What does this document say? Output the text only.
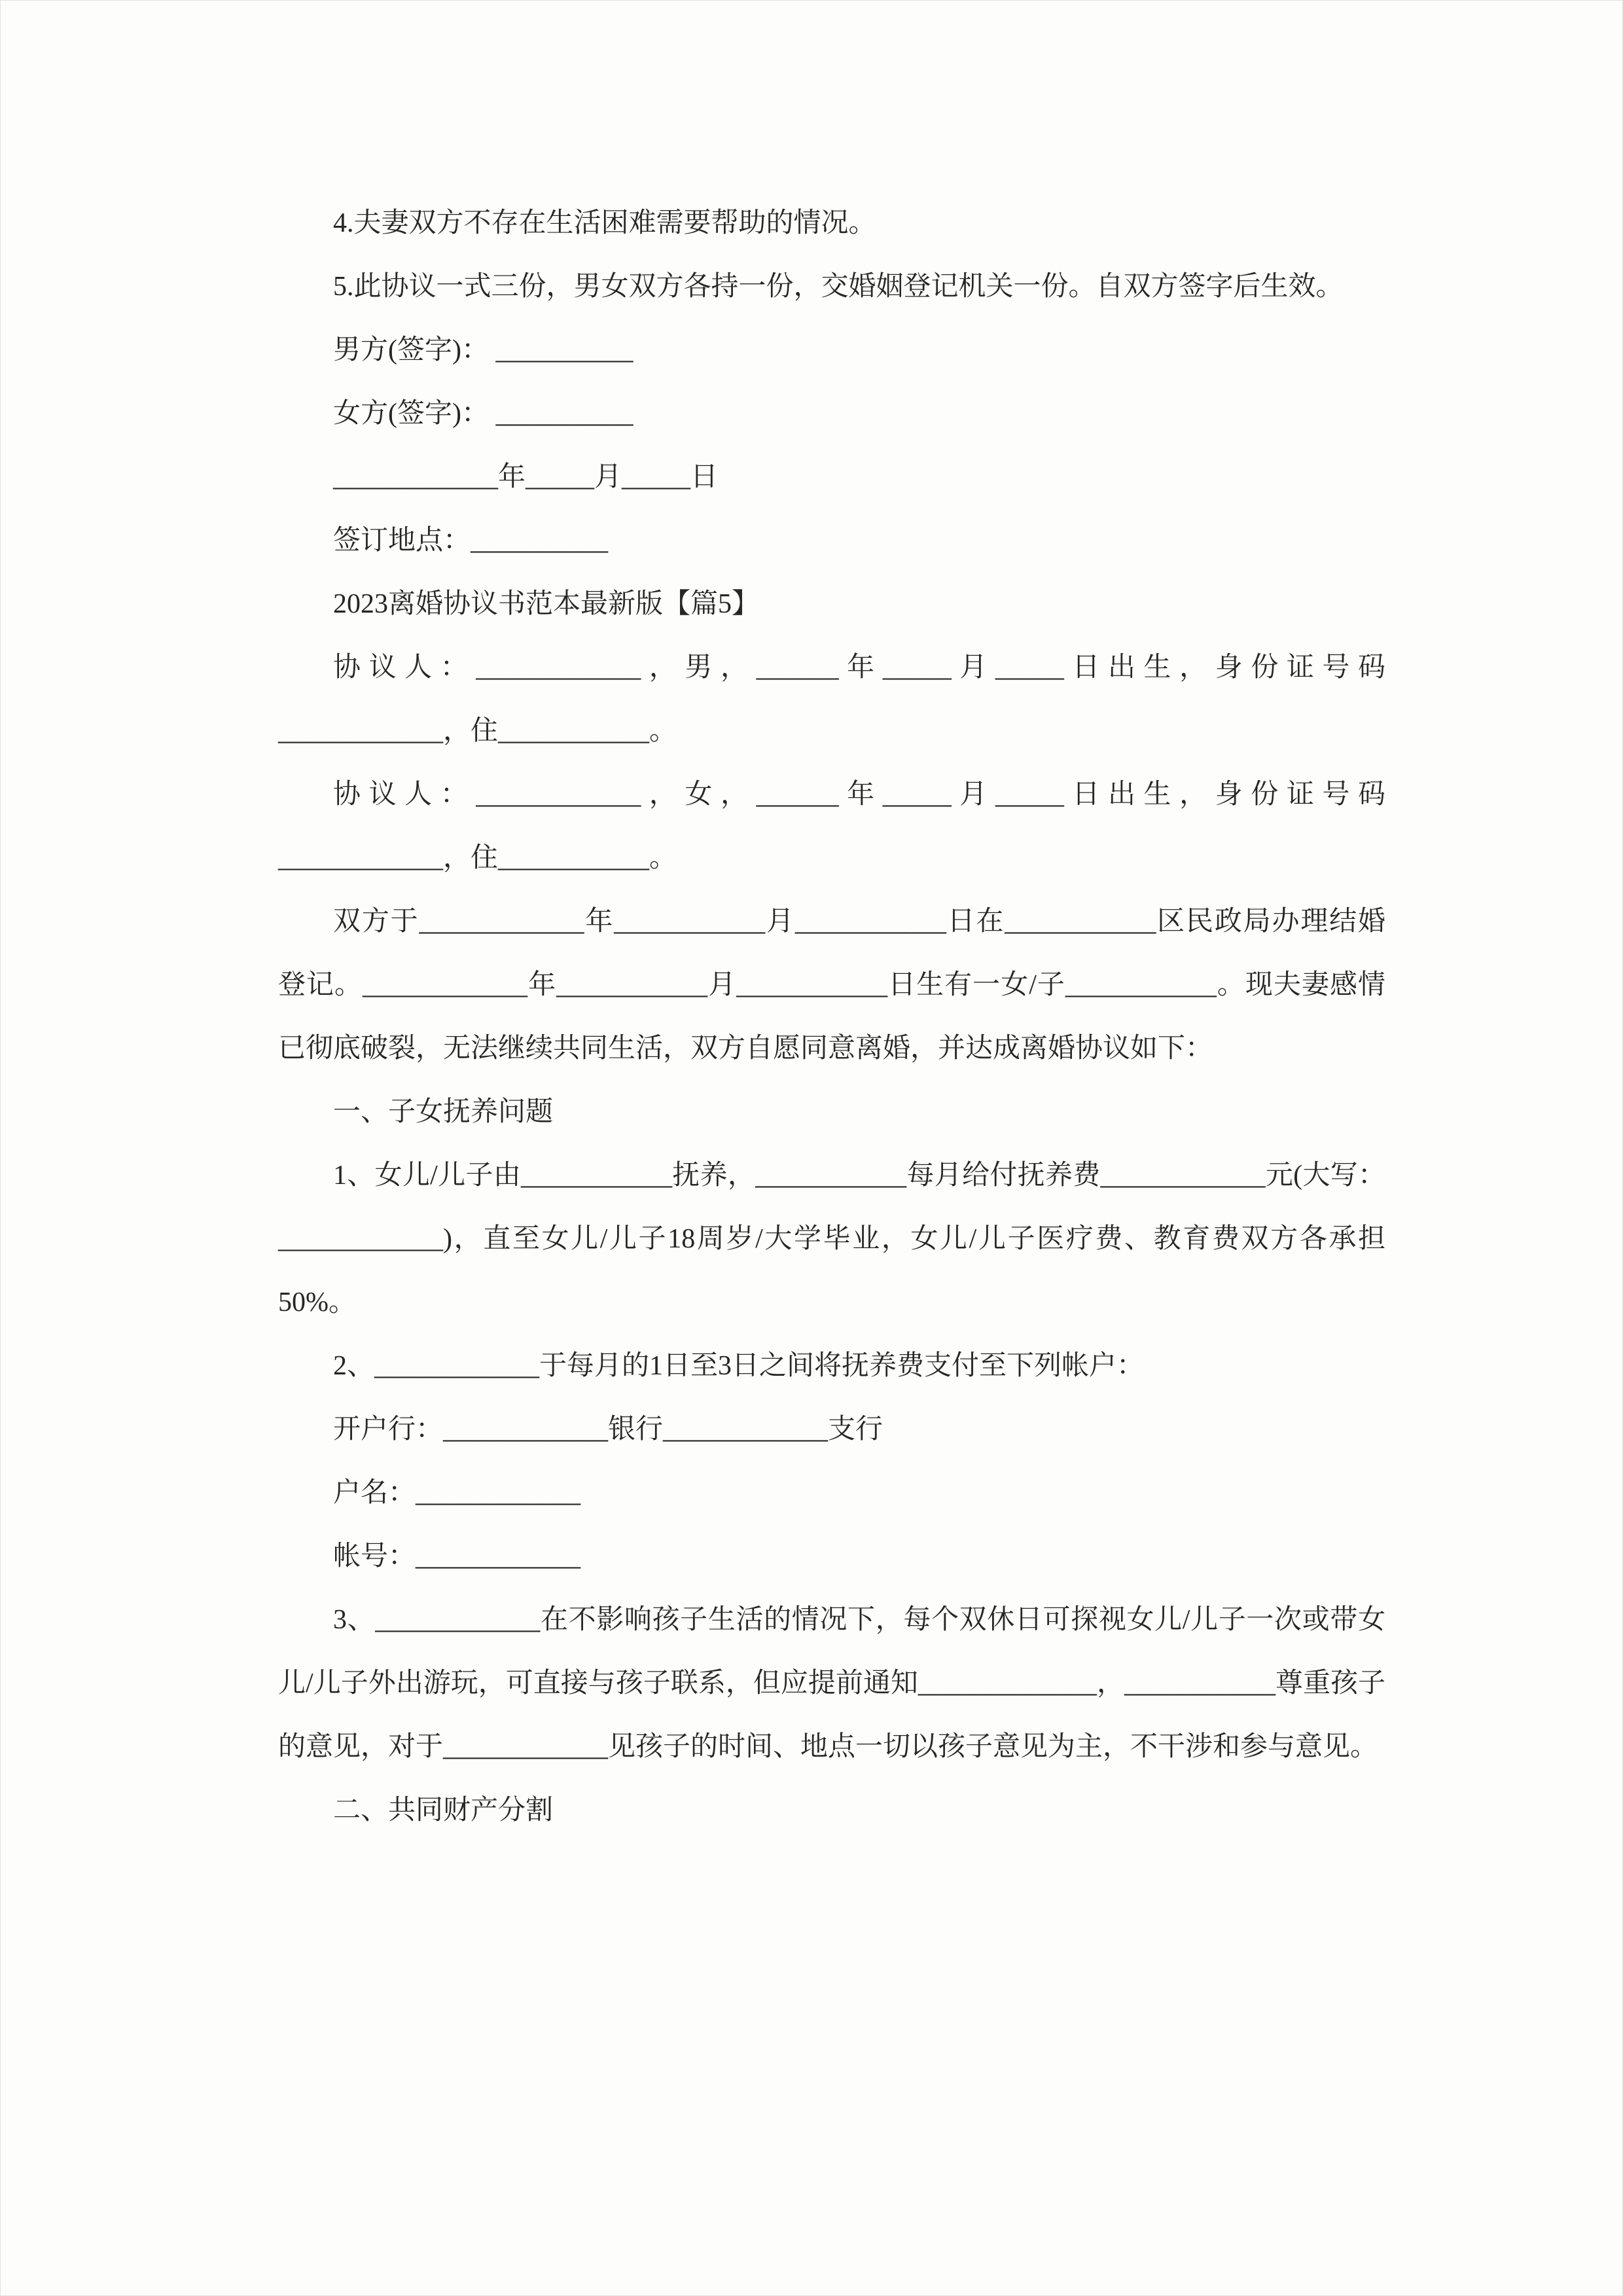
4.夫妻双方不存在生活困难需要帮助的情况。

5.此协议一式三份，男女双方各持一份，交婚姻登记机关一份。自双方签字后生效。

男方(签字)： __________

女方(签字)： __________

____________年_____月_____日

签订地点：__________

2023离婚协议书范本最新版【篇5】

协议人：____________，男，______年_____月_____日出生，身份证号码____________，住___________。

协议人：____________，女，______年_____月_____日出生，身份证号码____________，住___________。

双方于____________年___________月___________日在___________区民政局办理结婚登记。____________年___________月___________日生有一女/子___________。现夫妻感情已彻底破裂，无法继续共同生活，双方自愿同意离婚，并达成离婚协议如下：

一、子女抚养问题

1、女儿/儿子由___________抚养，___________每月给付抚养费____________元(大写：____________)，直至女儿/儿子18周岁/大学毕业，女儿/儿子医疗费、教育费双方各承担50%。

2、____________于每月的1日至3日之间将抚养费支付至下列帐户：

开户行：____________银行____________支行

户名：____________

帐号：____________

3、____________在不影响孩子生活的情况下，每个双休日可探视女儿/儿子一次或带女儿/儿子外出游玩，可直接与孩子联系，但应提前通知_____________，___________尊重孩子的意见，对于____________见孩子的时间、地点一切以孩子意见为主，不干涉和参与意见。

二、共同财产分割
